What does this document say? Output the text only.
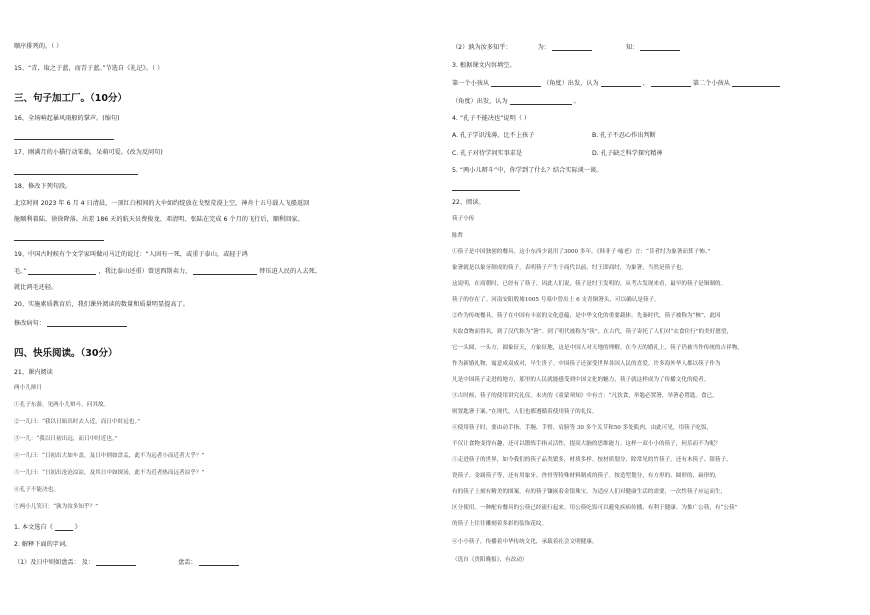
顺序排列的。（ ）
15、“青，取之于蓝，而青于蓝。”节选自《礼记》。（ ）
三、句子加工厂。（10分）
16、全场响起暴风雨般的掌声。(缩句)
17、刚满月的小猫行动笨拙，呆萌可爱。(改为反问句)
18、修改下列句段。
北京时间 2023 年 6 月 4 日清晨，一顶红白相间的大伞如约绽放在戈壁荒漠上空，神舟十五号载人飞船返回
舱顺利着陆、徐徐降落。出差 186 天的航天员费俊龙、邓清明、张陆在完成 6 个月的飞行后，顺利回家。
19、中国古时候有个文学家叫做司马迁的说过：“人固有一死，或重于泰山，或轻于鸿
毛。”	，我比泰山还重）曾送西斯卖力，	替压迫人民的人去死，
就比鸿毛还轻。
20、实施素质教育后，我们课外阅读的数量和质量明显提高了。
修改病句：
四、快乐阅读。（30分）
21、课内阅读
两小儿辩日
①孔子东游，见两小儿辩斗，问其故。
②一儿曰：“我以日始出时去人近，而日中时远也。”
③一儿：“我以日初出远，而日中时近也。”
④一儿曰：“日初出大如车盖，及日中则如盘盂，此不为远者小而近者大乎？”
⑤一儿曰：“日初出沧沧凉凉，及其日中如探汤，此不为近者热而远者凉乎？”
⑥孔子不能决也。
⑦两小儿笑曰：“孰为汝多知乎？”
1. 本文选自《	》
2. 解释下面的字词。
（1）及日中则如盘盂： 及：	盘盂：
（2）孰为汝多知乎：	为：	知：
3. 根据课文内容填空。
第一个小孩从	（角度）出发，认为	，	第二个小孩从
（角度）出发，认为	。
4. “孔子不能决也”说明（ ）
A. 孔子学识浅薄，比不上孩子	B. 孔子不忍心作出判断
C. 孔子对待学问实事求是	D. 孔子缺乏科学探究精神
5. “两小儿辩斗”中，你学到了什么？结合实际谈一谈。
22、阅读。
筷子小传
陈哲
①筷子是中国独创的餐具。这小东西少说用了3000 多年。《韩非子·喻老》言：“昔者纣为象箸而箕子怖。”
象箸就是以象牙制成的筷子，表明筷子产生于商代以前。纣王即商纣，为象箸，当然是筷子也。
这说明，在商朝时，已经有了筷子。因此人们说，筷子是纣王发明的。从考古发现来看，最早的筷子是铜制的。
筷子的存在了。河南安阳殷墟1005 号墓中曾出土 6 支青铜箸头，可以确认是筷子。
②作为传统餐具，筷子在中国有丰富的文化意蕴，是中华文化的重要载体。先秦时代，筷子被称为“梜”，此因
夹取食物而得名，到了汉代称为“箸”。到了明代被称为“筷”。在古代，筷子寄托了人们对“衣食住行”的美好愿望，
它一头圆，一头方，圆象征天，方象征地，这是中国人对天地的理解。在今天的婚礼上，筷子仍被当作传统的吉祥物，
作为新婚礼物，寓意成双成对，早生贵子。中国筷子还深受世界各国人民的喜爱。许多海外华人都以筷子作为
凡是中国筷子走进的地方，那里的人民就能感受到中国文化的魅力，筷子就这样成为了传播文化的使者。
③古时候，筷子的使用讲究礼仪。未央的《童蒙须知》中有言：“凡饮食，举匙必置箸，举箸必置匙。食已，
则置匙箸于案。”在现代，人们也都遵循着使用筷子的礼仪。
④使用筷子时，要由动手指、手腕、手臂、肩膀等 30 多个关节和50 多处肌肉。由此可见，用筷子吃饭，
不仅让食物变得有趣，还可以锻炼手指灵活性，提高大脑的思维能力。这样一双小小的筷子，何乐而不为呢？
⑤走进筷子的世界，如今我们的筷子品类繁多，材质多样。按材质划分，除常见的竹筷子，还有木筷子、银筷子、
瓷筷子、金属筷子等，还有用象牙、兽骨等特殊材料制成的筷子。按造型划分，有方形的、圆形的、扁形的，
有的筷子上刻有精美的图案，有的筷子镶嵌着金银珠宝。为适应人们对健康生活的需要，一次性筷子应运而生，
区分使用。一种配有餐具的公筷已经流行起来。用公筷吃饭可以避免疾病传播，有利于健康。为推广公筷，有“公筷”
的筷子上往往雕刻着多彩的装饰花纹。
⑥小小筷子，传播着中华传统文化，承载着社会文明健康。
（选自《贵阳晚报》，有改动）
